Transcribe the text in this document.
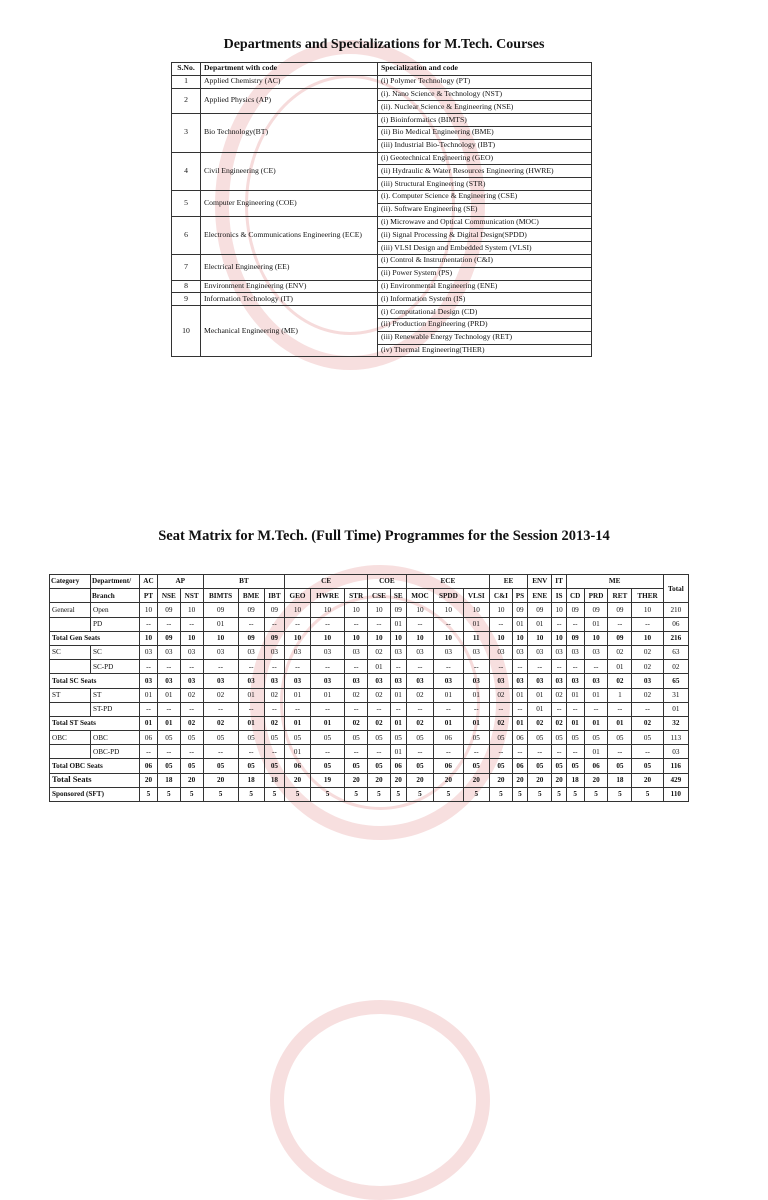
Departments and Specializations for M.Tech. Courses
S.No.	Department with code	Specialization and code
1	Applied Chemistry (AC)	(i) Polymer Technology (PT)
2	Applied Physics (AP)	(i). Nano Science & Technology (NST)
		(ii). Nuclear Science & Engineering (NSE)
3	Bio Technology(BT)	(i) Bioinformatics (BIMTS)
		(ii) Bio Medical Engineering (BME)
		(iii) Industrial Bio-Technology (IBT)
4	Civil Engineering (CE)	(i) Geotechnical Engineering (GEO)
		(ii) Hydraulic & Water Resources Engineering (HWRE)
		(iii) Structural Engineering (STR)
5	Computer Engineering (COE)	(i). Computer Science & Engineering (CSE)
		(ii). Software Engineering (SE)
6	Electronics & Communications Engineering (ECE)	(i) Microwave and Optical Communication (MOC)
		(ii) Signal Processing & Digital Design(SPDD)
		(iii) VLSI Design and Embedded System (VLSI)
7	Electrical Engineering (EE)	(i) Control & Instrumentation (C&I)
		(ii) Power System (PS)
8	Environment Engineering (ENV)	(i) Environmental Engineering (ENE)
9	Information Technology (IT)	(i) Information System (IS)
10	Mechanical Engineering (ME)	(i) Computational Design (CD)
		(ii) Production Engineering (PRD)
		(iii) Renewable Energy Technology (RET)
		(iv) Thermal Engineering(THER)
Seat Matrix for M.Tech. (Full Time) Programmes for the Session 2013-14
Category	Department/	AC	AP		BT			CE			COE		ECE			EE		ENV	IT	ME				Total
	Branch	PT	NSE	NST	BIMTS	BME	IBT	GEO	HWRE	STR	CSE	SE	MOC	SPDD	VLSI	C&I	PS	ENE	IS	CD	PRD	RET	THER	
General	Open	10	09	10	09	09	09	10	10	10	10	09	10	10	10	10	09	09	10	09	09	09	10	210
	PD	--	--	--	01	--	--	--	--	--	--	01	--	--	01	--	01	01	--	--	01	--	--	06
Total Gen Seats		10	09	10	10	09	09	10	10	10	10	10	10	10	11	10	10	10	10	09	10	09	10	216
SC	SC	03	03	03	03	03	03	03	03	03	02	03	03	03	03	03	03	03	03	03	03	02	02	63
	SC-PD	--	--	--	--	--	--	--	--	--	01	--	--	--	--	--	--	--	--	--	--	01	02	02
Total SC Seats		03	03	03	03	03	03	03	03	03	03	03	03	03	03	03	03	03	03	03	03	02	03	65
ST	ST	01	01	02	02	01	02	01	01	02	02	01	02	01	01	02	01	01	02	01	01	1	02	31
	ST-PD	--	--	--	--	--	--	--	--	--	--	--	--	--	--	--	--	01	--	--	--	--	--	01
Total ST Seats		01	01	02	02	01	02	01	01	02	02	01	02	01	01	02	01	02	02	01	01	01	02	32
OBC	OBC	06	05	05	05	05	05	05	05	05	05	05	05	06	05	05	06	05	05	05	05	05	05	113
	OBC-PD	--	--	--	--	--	--	01	--	--	--	01	--	--	--	--	--	--	--	--	01	--	--	03
Total OBC Seats		06	05	05	05	05	05	06	05	05	05	06	05	06	05	05	06	05	05	05	06	05	05	116
Total Seats		20	18	20	20	18	18	20	19	20	20	20	20	20	20	20	20	20	20	18	20	18	20	429
Sponsored (SFT)		5	5	5	5	5	5	5	5	5	5	5	5	5	5	5	5	5	5	5	5	5	5	110
